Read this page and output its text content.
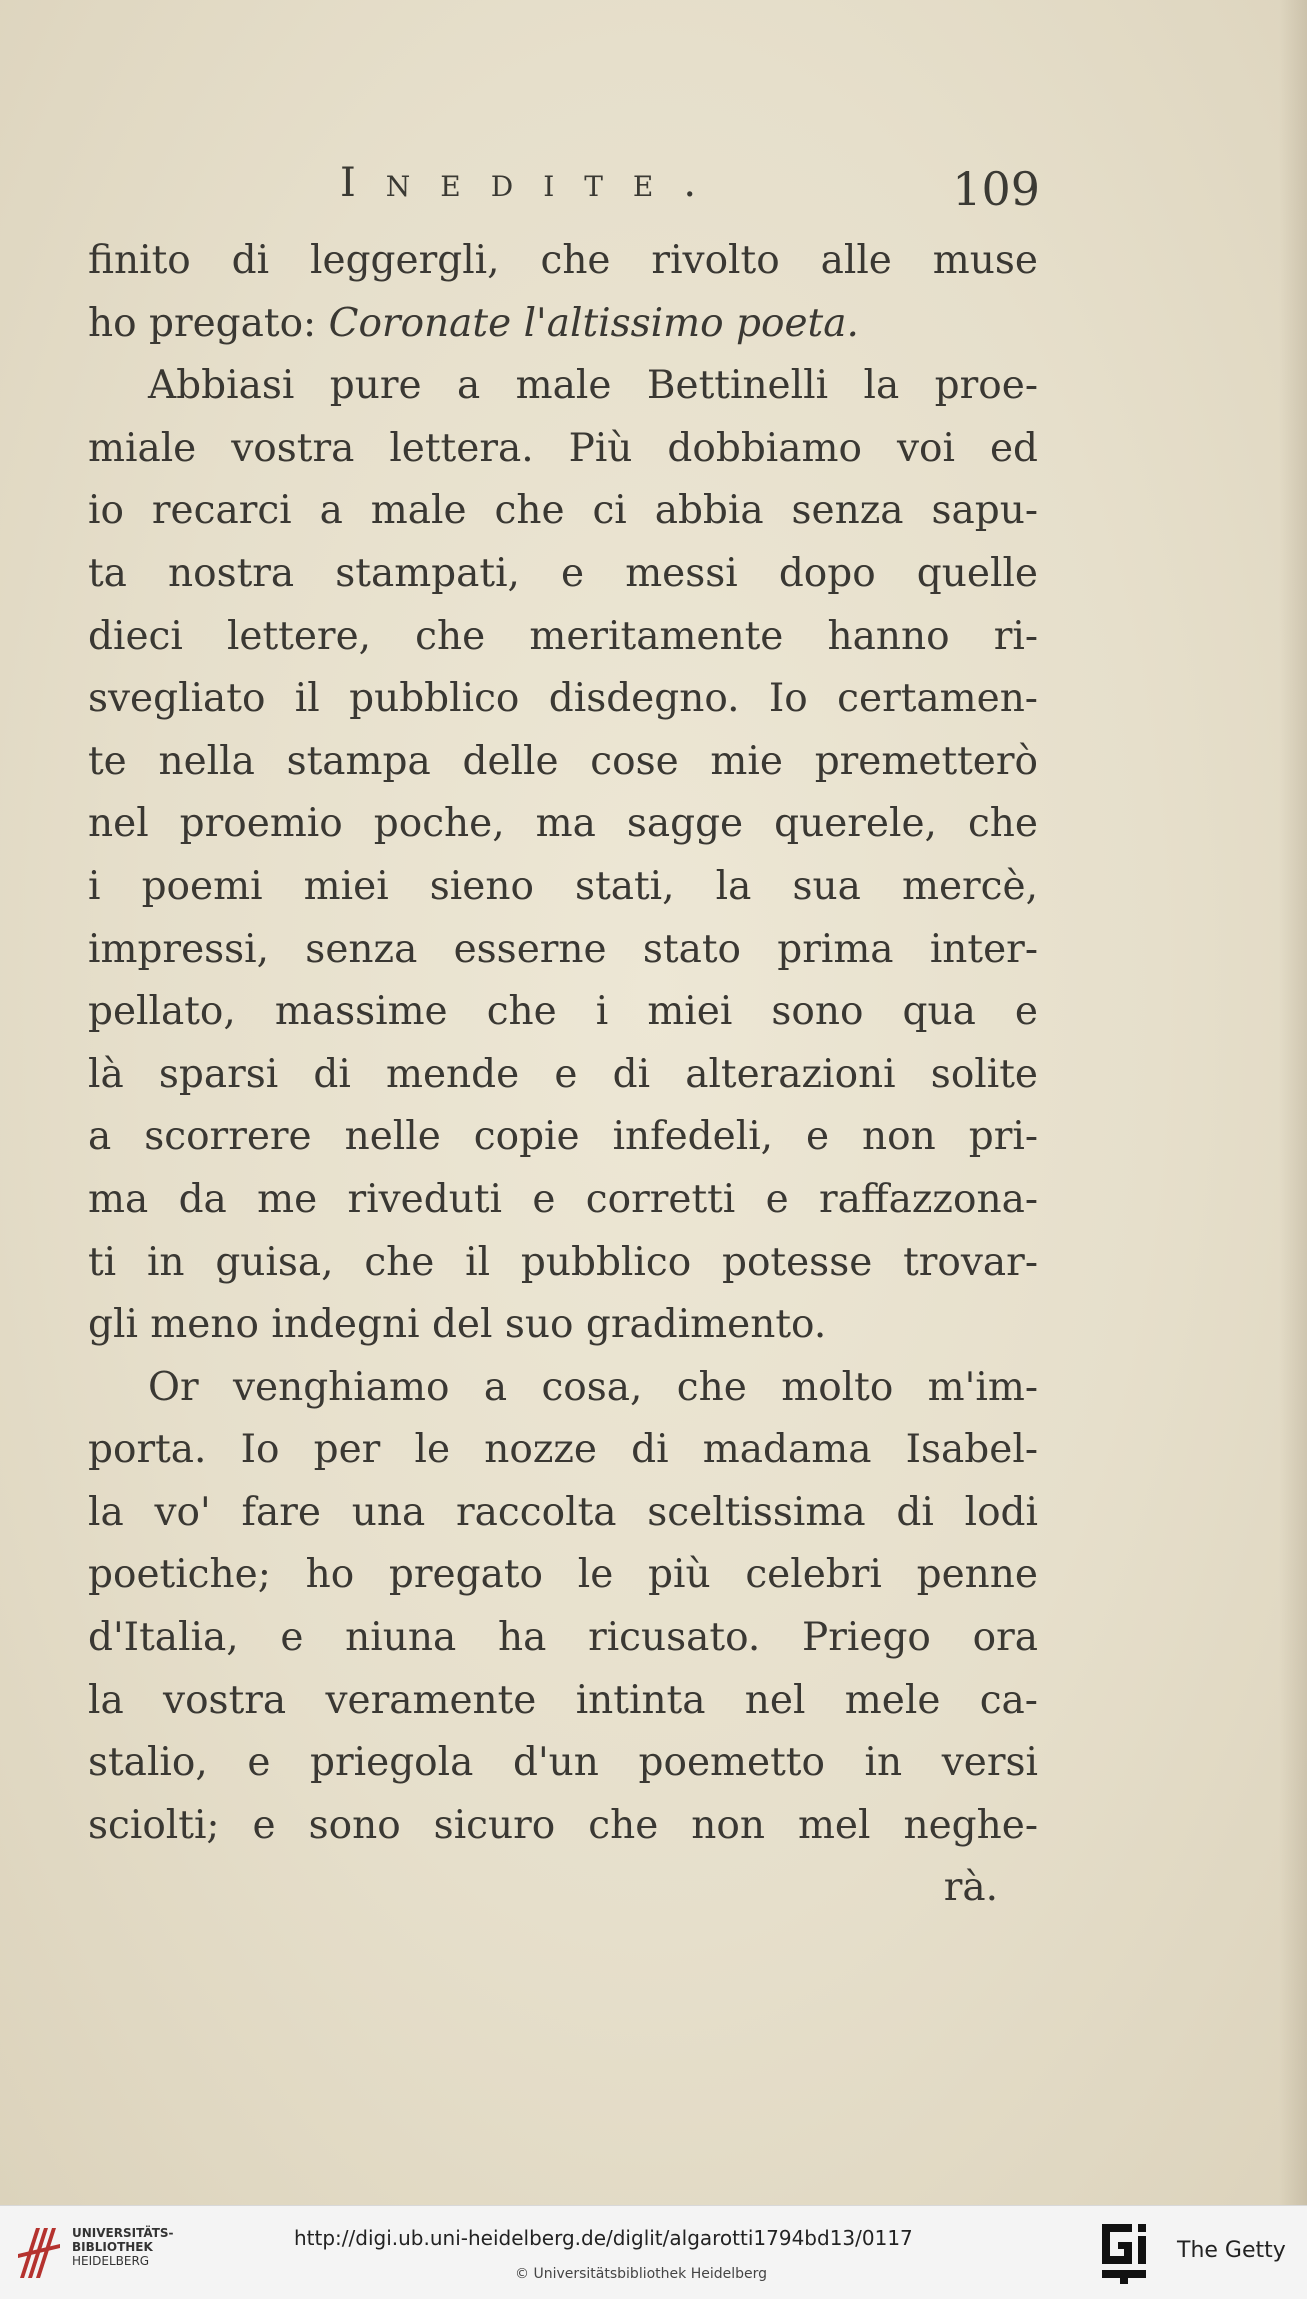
Inedite.	109
finito di leggergli, che rivolto alle muse
ho pregato: Coronate l'altissimo poeta.
Abbiasi pure a male Bettinelli la proe-
miale vostra lettera. Più dobbiamo voi ed
io recarci a male che ci abbia senza sapu-
ta nostra stampati, e messi dopo quelle
dieci lettere, che meritamente hanno ri-
svegliato il pubblico disdegno. Io certamen-
te nella stampa delle cose mie premetterò
nel proemio poche, ma sagge querele, che
i poemi miei sieno stati, la sua mercè,
impressi, senza esserne stato prima inter-
pellato, massime che i miei sono qua e
là sparsi di mende e di alterazioni solite
a scorrere nelle copie infedeli, e non pri-
ma da me riveduti e corretti e raffazzona-
ti in guisa, che il pubblico potesse trovar-
gli meno indegni del suo gradimento.
Or venghiamo a cosa, che molto m'im-
porta. Io per le nozze di madama Isabel-
la vo' fare una raccolta sceltissima di lodi
poetiche; ho pregato le più celebri penne
d'Italia, e niuna ha ricusato. Priego ora
la vostra veramente intinta nel mele ca-
stalio, e priegola d'un poemetto in versi
sciolti; e sono sicuro che non mel neghe-
rà.
UNIVERSITÄTS-
BIBLIOTHEK
HEIDELBERG
http://digi.ub.uni-heidelberg.de/diglit/algarotti1794bd13/0117
© Universitätsbibliothek Heidelberg
The Getty
